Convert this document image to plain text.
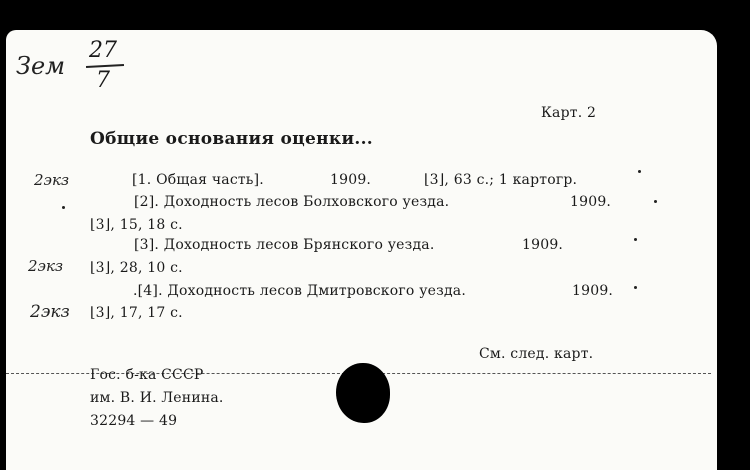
Зем
27
7
Карт. 2
Общие основания оценки...
2экз	[1. Общая часть].	1909.	⌊3⌋, 63 с.; 1 картогр.
[2]. Доходность лесов Болховского уезда.	1909.
⌊3⌋, 15, 18 с.
[3]. Доходность лесов Брянского уезда.	1909.
2экз ⌊3⌋, 28, 10 с.
.[4]. Доходность лесов Дмитровского уезда.	1909.
2экз ⌊3⌋, 17, 17 с.
См. след. карт.
Гос. б-ка СССР
им. В. И. Ленина.
32294 — 49
